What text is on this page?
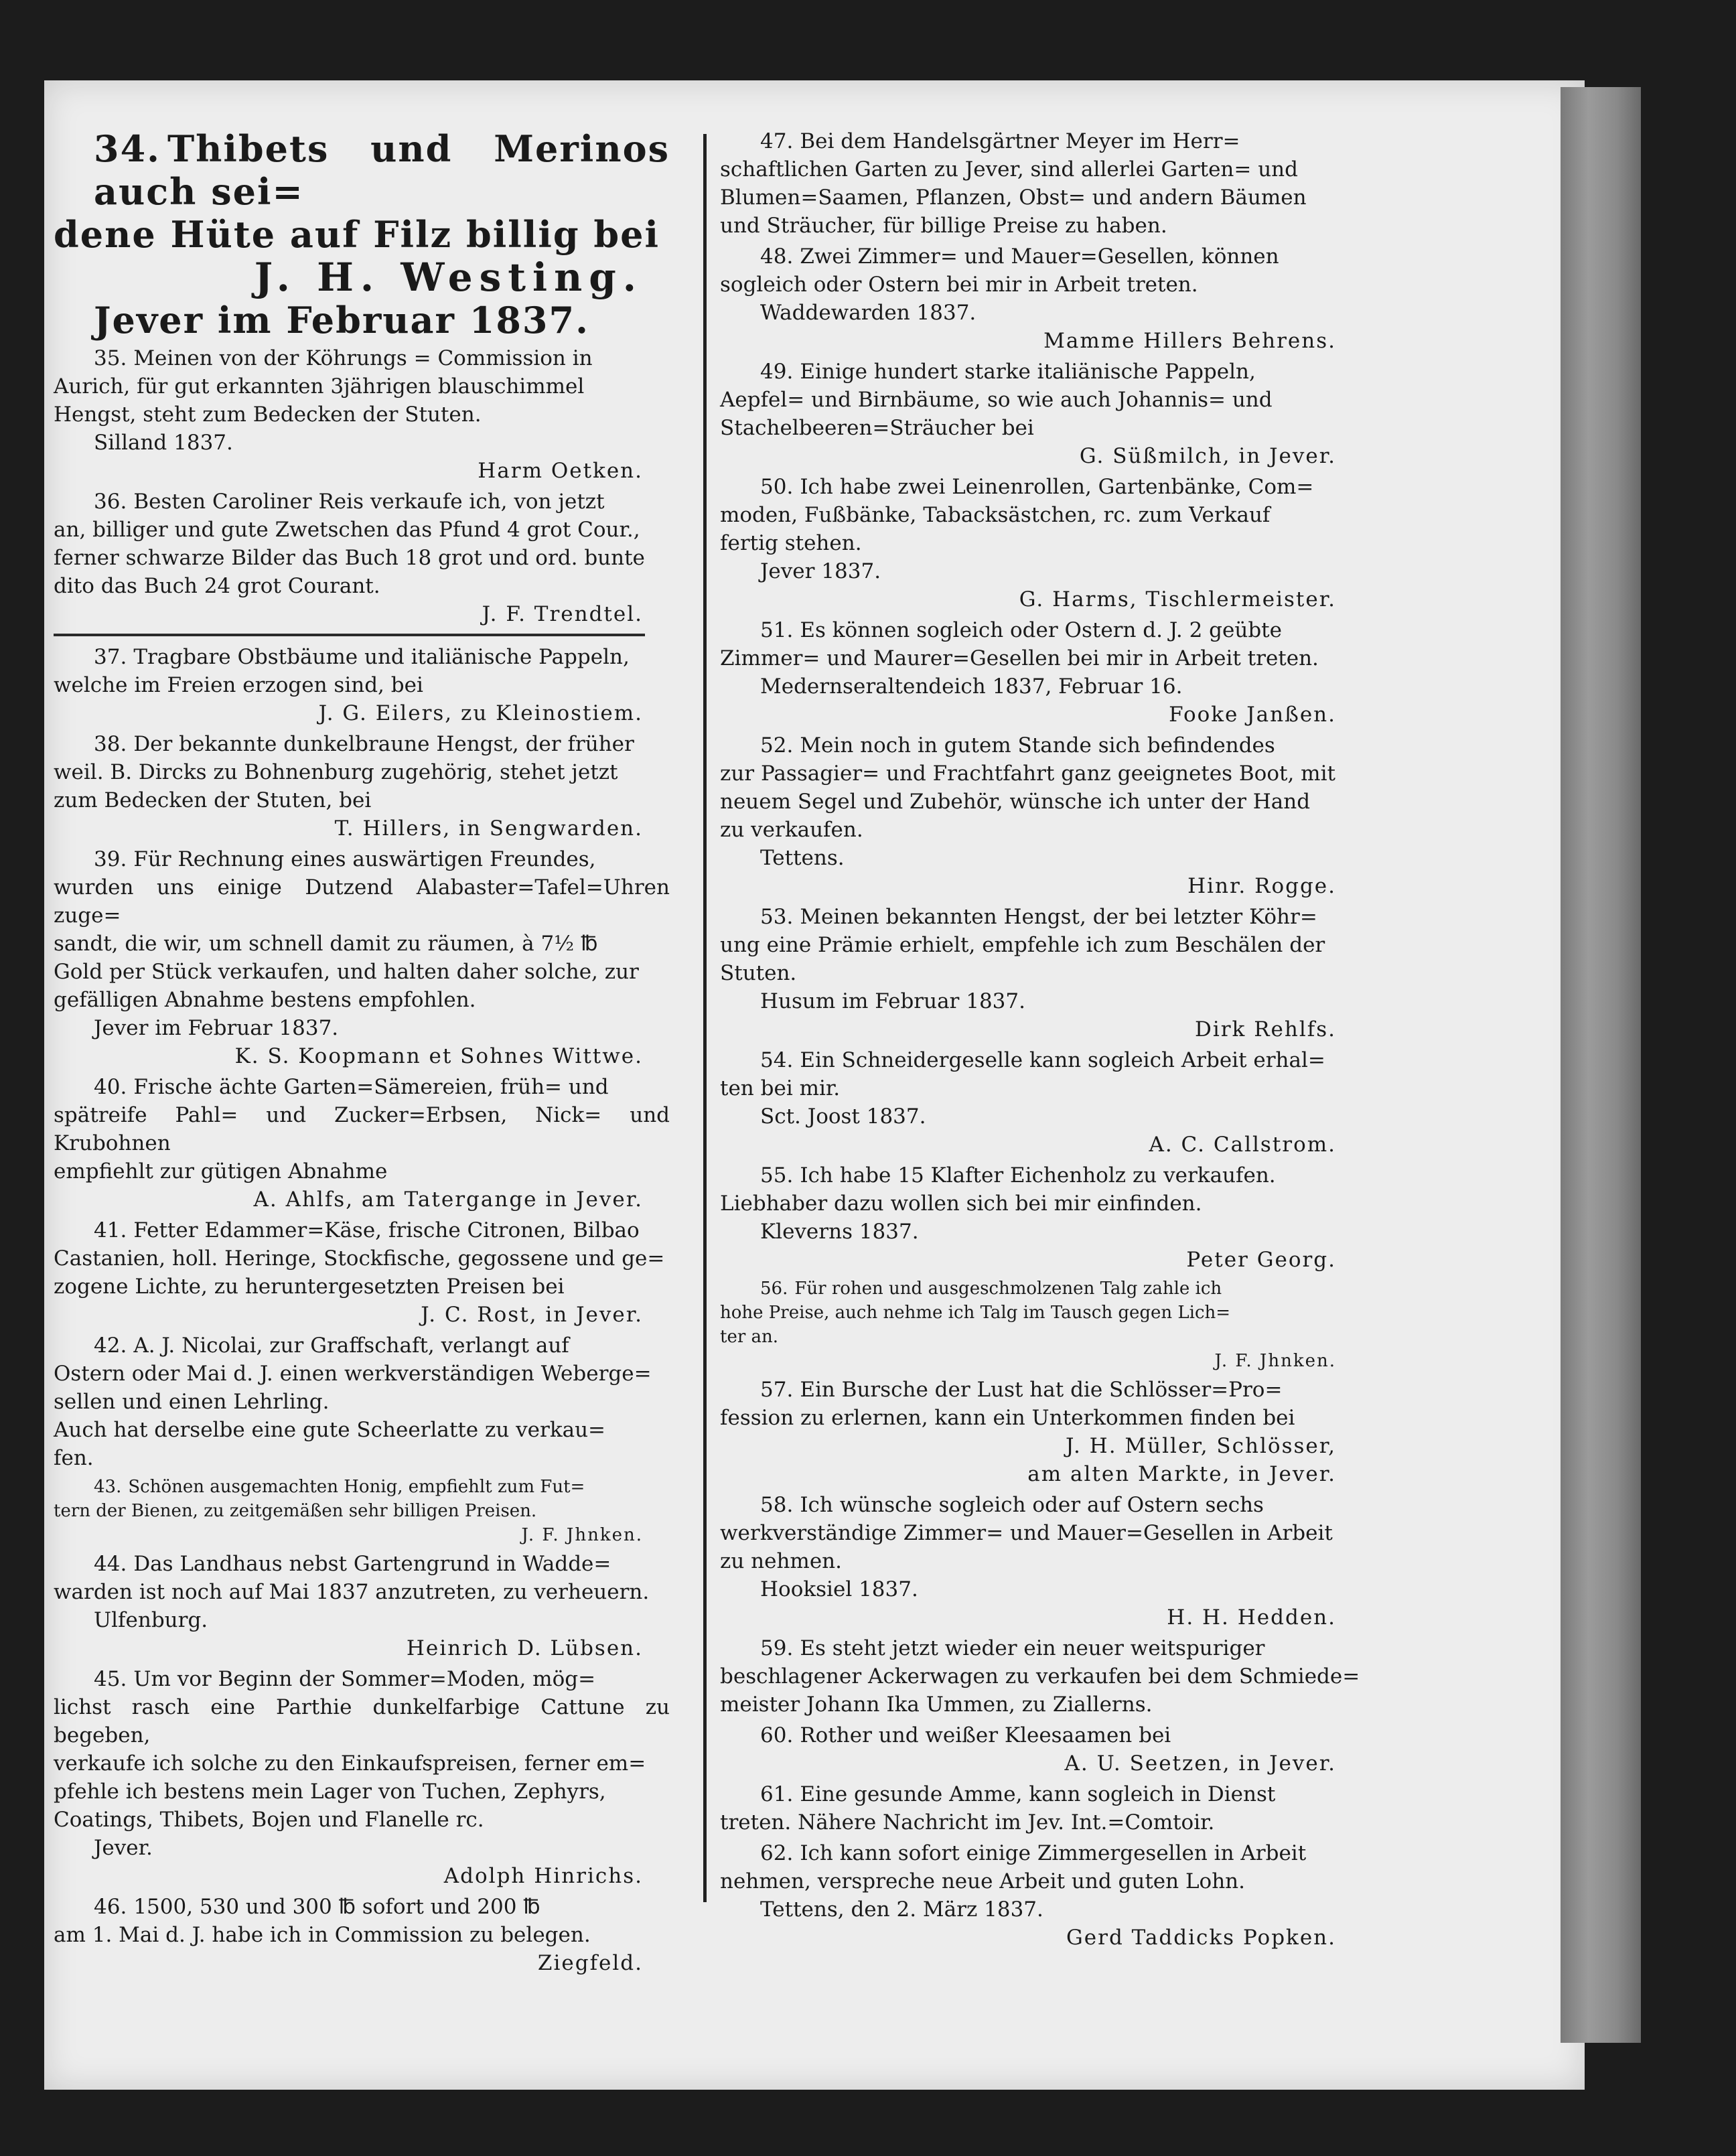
34. Thibets und Merinos auch sei=
dene Hüte auf Filz billig bei
J. H. Westing.
Jever im Februar 1837.
35. Meinen von der Köhrungs = Commission in
Aurich, für gut erkannten 3jährigen blauschimmel
Hengst, steht zum Bedecken der Stuten.
Silland 1837.
Harm Oetken.
36. Besten Caroliner Reis verkaufe ich, von jetzt
an, billiger und gute Zwetschen das Pfund 4 grot Cour.,
ferner schwarze Bilder das Buch 18 grot und ord. bunte
dito das Buch 24 grot Courant.
J. F. Trendtel.
37. Tragbare Obstbäume und italiänische Pappeln,
welche im Freien erzogen sind, bei
J. G. Eilers, zu Kleinostiem.
38. Der bekannte dunkelbraune Hengst, der früher
weil. B. Dircks zu Bohnenburg zugehörig, stehet jetzt
zum Bedecken der Stuten, bei
T. Hillers, in Sengwarden.
39. Für Rechnung eines auswärtigen Freundes,
wurden uns einige Dutzend Alabaster=Tafel=Uhren zuge=
sandt, die wir, um schnell damit zu räumen, à 7½ ℔
Gold per Stück verkaufen, und halten daher solche, zur
gefälligen Abnahme bestens empfohlen.
Jever im Februar 1837.
K. S. Koopmann et Sohnes Wittwe.
40. Frische ächte Garten=Sämereien, früh= und
spätreife Pahl= und Zucker=Erbsen, Nick= und Krubohnen
empfiehlt zur gütigen Abnahme
A. Ahlfs, am Tatergange in Jever.
41. Fetter Edammer=Käse, frische Citronen, Bilbao
Castanien, holl. Heringe, Stockfische, gegossene und ge=
zogene Lichte, zu heruntergesetzten Preisen bei
J. C. Rost, in Jever.
42. A. J. Nicolai, zur Graffschaft, verlangt auf
Ostern oder Mai d. J. einen werkverständigen Weberge=
sellen und einen Lehrling.
Auch hat derselbe eine gute Scheerlatte zu verkau=
fen.
43. Schönen ausgemachten Honig, empfiehlt zum Fut=
tern der Bienen, zu zeitgemäßen sehr billigen Preisen.
J. F. Jhnken.
44. Das Landhaus nebst Gartengrund in Wadde=
warden ist noch auf Mai 1837 anzutreten, zu verheuern.
Ulfenburg.
Heinrich D. Lübsen.
45. Um vor Beginn der Sommer=Moden, mög=
lichst rasch eine Parthie dunkelfarbige Cattune zu begeben,
verkaufe ich solche zu den Einkaufspreisen, ferner em=
pfehle ich bestens mein Lager von Tuchen, Zephyrs,
Coatings, Thibets, Bojen und Flanelle rc.
Jever.
Adolph Hinrichs.
46. 1500, 530 und 300 ℔ sofort und 200 ℔
am 1. Mai d. J. habe ich in Commission zu belegen.
Ziegfeld.
47. Bei dem Handelsgärtner Meyer im Herr=
schaftlichen Garten zu Jever, sind allerlei Garten= und
Blumen=Saamen, Pflanzen, Obst= und andern Bäumen
und Sträucher, für billige Preise zu haben.
48. Zwei Zimmer= und Mauer=Gesellen, können
sogleich oder Ostern bei mir in Arbeit treten.
Waddewarden 1837.
Mamme Hillers Behrens.
49. Einige hundert starke italiänische Pappeln,
Aepfel= und Birnbäume, so wie auch Johannis= und
Stachelbeeren=Sträucher bei
G. Süßmilch, in Jever.
50. Ich habe zwei Leinenrollen, Gartenbänke, Com=
moden, Fußbänke, Tabacksästchen, rc. zum Verkauf
fertig stehen.
Jever 1837.
G. Harms, Tischlermeister.
51. Es können sogleich oder Ostern d. J. 2 geübte
Zimmer= und Maurer=Gesellen bei mir in Arbeit treten.
Medernseraltendeich 1837, Februar 16.
Fooke Janßen.
52. Mein noch in gutem Stande sich befindendes
zur Passagier= und Frachtfahrt ganz geeignetes Boot, mit
neuem Segel und Zubehör, wünsche ich unter der Hand
zu verkaufen.
Tettens.
Hinr. Rogge.
53. Meinen bekannten Hengst, der bei letzter Köhr=
ung eine Prämie erhielt, empfehle ich zum Beschälen der
Stuten.
Husum im Februar 1837.
Dirk Rehlfs.
54. Ein Schneidergeselle kann sogleich Arbeit erhal=
ten bei mir.
Sct. Joost 1837.
A. C. Callstrom.
55. Ich habe 15 Klafter Eichenholz zu verkaufen.
Liebhaber dazu wollen sich bei mir einfinden.
Kleverns 1837.
Peter Georg.
56. Für rohen und ausgeschmolzenen Talg zahle ich
hohe Preise, auch nehme ich Talg im Tausch gegen Lich=
ter an.
J. F. Jhnken.
57. Ein Bursche der Lust hat die Schlösser=Pro=
fession zu erlernen, kann ein Unterkommen finden bei
J. H. Müller, Schlösser,
am alten Markte, in Jever.
58. Ich wünsche sogleich oder auf Ostern sechs
werkverständige Zimmer= und Mauer=Gesellen in Arbeit
zu nehmen.
Hooksiel 1837.
H. H. Hedden.
59. Es steht jetzt wieder ein neuer weitspuriger
beschlagener Ackerwagen zu verkaufen bei dem Schmiede=
meister Johann Ika Ummen, zu Ziallerns.
60. Rother und weißer Kleesaamen bei
A. U. Seetzen, in Jever.
61. Eine gesunde Amme, kann sogleich in Dienst
treten. Nähere Nachricht im Jev. Int.=Comtoir.
62. Ich kann sofort einige Zimmergesellen in Arbeit
nehmen, verspreche neue Arbeit und guten Lohn.
Tettens, den 2. März 1837.
Gerd Taddicks Popken.
